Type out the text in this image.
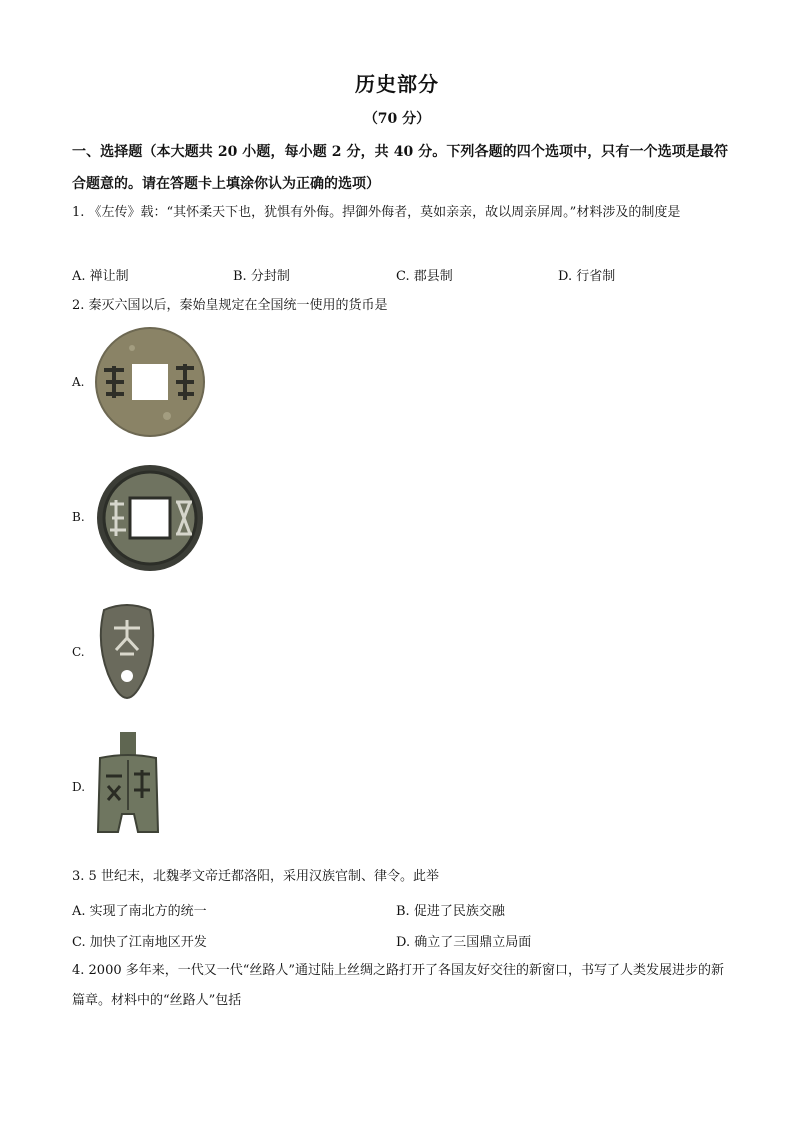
历史部分
（70 分）
一、选择题（本大题共 20 小题，每小题 2 分，共 40 分。下列各题的四个选项中，只有一个选项是最符合题意的。请在答题卡上填涂你认为正确的选项）
1. 《左传》载：“其怀柔天下也，犹惧有外侮。捍御外侮者，莫如亲亲，故以周亲屏周。”材料涉及的制度是
A. 禅让制	B. 分封制	C. 郡县制	D. 行省制
2. 秦灭六国以后，秦始皇规定在全国统一使用的货币是
A.
B.
C.
D.
3. 5 世纪末，北魏孝文帝迁都洛阳，采用汉族官制、律令。此举
A. 实现了南北方的统一	B. 促进了民族交融
C. 加快了江南地区开发	D. 确立了三国鼎立局面
4. 2000 多年来，一代又一代“丝路人”通过陆上丝绸之路打开了各国友好交往的新窗口，书写了人类发展进步的新篇章。材料中的“丝路人”包括
